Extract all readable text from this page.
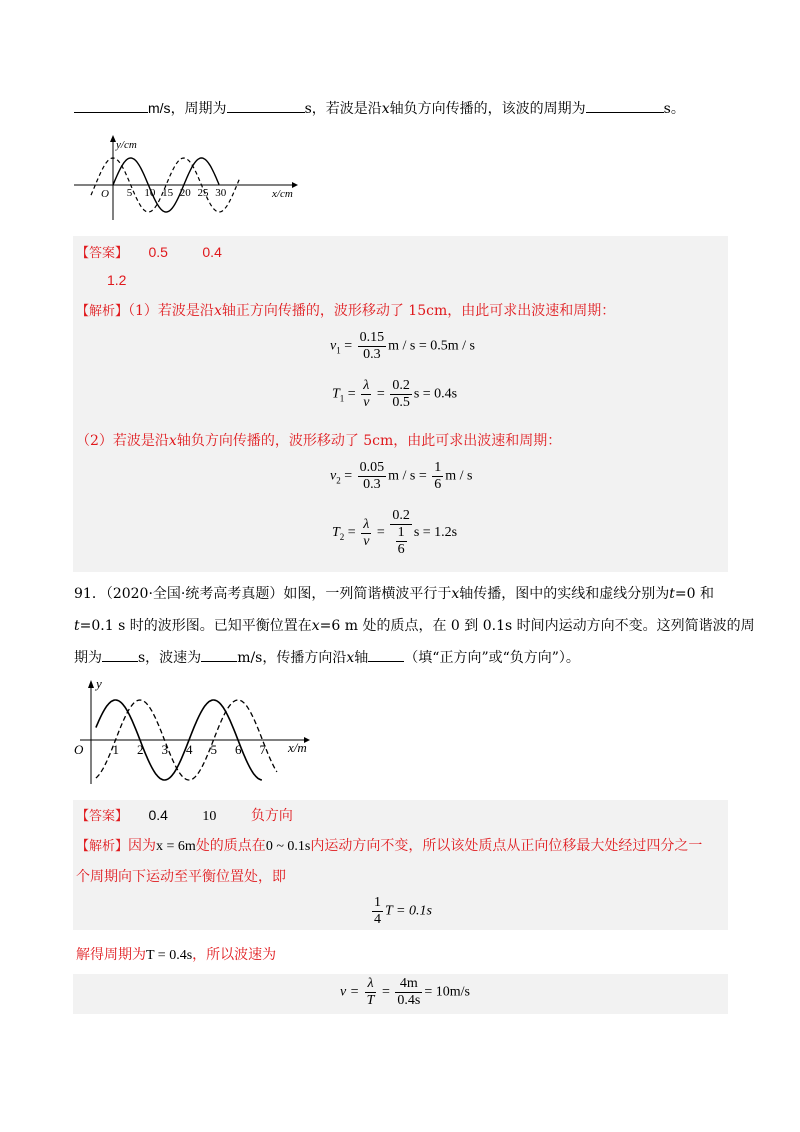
m/s，周期为	s，若波是沿x轴负方向传播的，该波的周期为	s。
y/cm
x/cm
O 5 10 15 20 25 30
【答案】 0.5 0.4
1.2
【解析】（1）若波是沿x轴正方向传播的，波形移动了 15cm，由此可求出波速和周期：
$v_1 = \frac{0.15}{0.3}$ m / s = 0.5m / s
$T_1 = \frac{\lambda}{v} = \frac{0.2}{0.5}$ s = 0.4s
（2）若波是沿x轴负方向传播的，波形移动了 5cm，由此可求出波速和周期：
$v_2 = \frac{0.05}{0.3}$ $m / s = \frac{1}{6}$ m / s
$T_2 = \frac{\lambda}{v} = \frac{0.2}{\frac{1}{6}}$ s = 1.2s
91．（2020·全国·统考高考真题）如图，一列简谐横波平行于x轴传播，图中的实线和虚线分别为t=0 和
t=0.1 s 时的波形图。已知平衡位置在x=6 m 处的质点，在 0 到 0.1s 时间内运动方向不变。这列简谐波的周
期为	s，波速为	m/s，传播方向沿x轴	（填“正方向”或“负方向”）。
y
x/m
O 1 2 3 4 5 6 7
【答案】 0.4 10 负方向
【解析】因为x = 6m处的质点在0 ~ 0.1s内运动方向不变，所以该处质点从正向位移最大处经过四分之一
个周期向下运动至平衡位置处，即
$\frac{1}{4}$ T = 0.1s
解得周期为T = 0.4s，所以波速为
$v = \frac{\lambda}{T} = \frac{4m}{0.4s} = 10m/s$
